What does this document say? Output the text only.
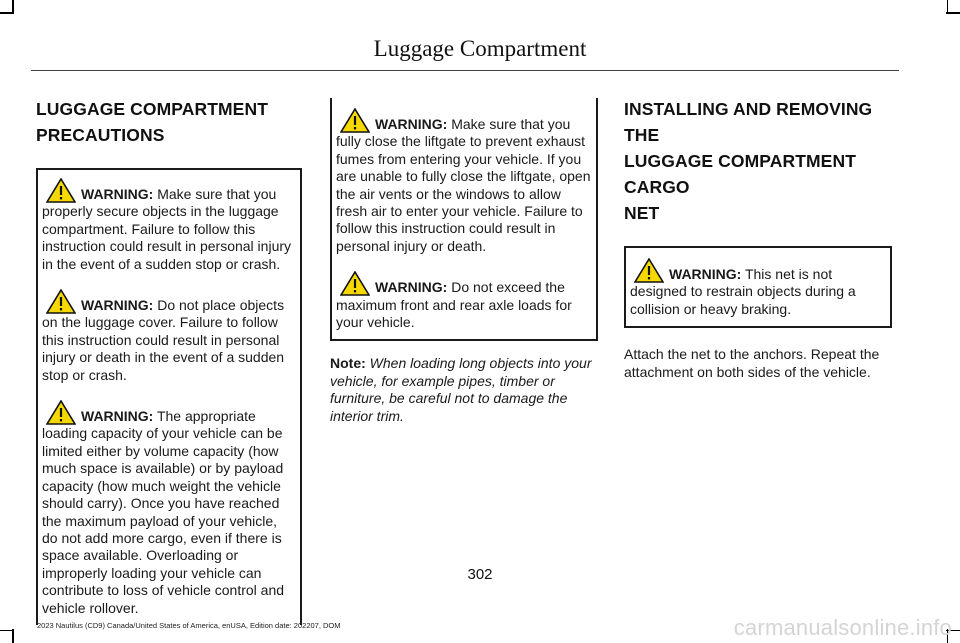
Luggage Compartment
LUGGAGE COMPARTMENT
PRECAUTIONS

WARNING: Make sure that you properly secure objects in the luggage compartment. Failure to follow this instruction could result in personal injury in the event of a sudden stop or crash.

WARNING: Do not place objects on the luggage cover. Failure to follow this instruction could result in personal injury or death in the event of a sudden stop or crash.

WARNING: The appropriate loading capacity of your vehicle can be limited either by volume capacity (how much space is available) or by payload capacity (how much weight the vehicle should carry). Once you have reached the maximum payload of your vehicle, do not add more cargo, even if there is space available. Overloading or improperly loading your vehicle can contribute to loss of vehicle control and vehicle rollover.

WARNING: Make sure that you fully close the liftgate to prevent exhaust fumes from entering your vehicle. If you are unable to fully close the liftgate, open the air vents or the windows to allow fresh air to enter your vehicle. Failure to follow this instruction could result in personal injury or death.

WARNING: Do not exceed the maximum front and rear axle loads for your vehicle.

Note: When loading long objects into your vehicle, for example pipes, timber or furniture, be careful not to damage the interior trim.

INSTALLING AND REMOVING THE
LUGGAGE COMPARTMENT CARGO
NET

WARNING: This net is not designed to restrain objects during a collision or heavy braking.

Attach the net to the anchors. Repeat the attachment on both sides of the vehicle.

302
2023 Nautilus (CD9) Canada/United States of America, enUSA, Edition date: 202207, DOM	carmanualsonline.info
